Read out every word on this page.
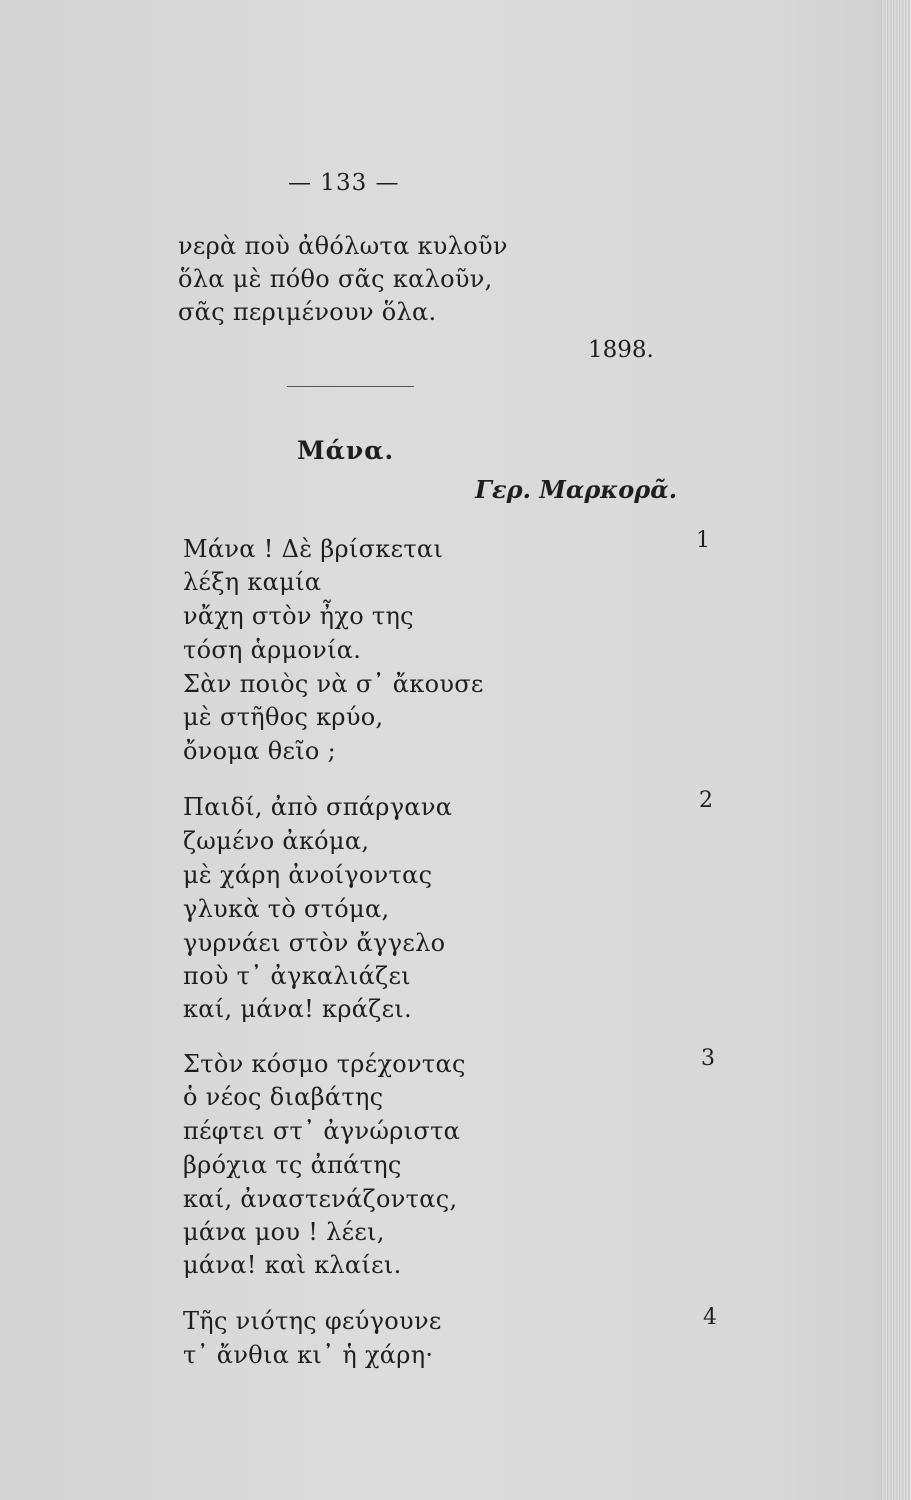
— 133 —
νερὰ ποὺ ἀθόλωτα κυλοῦν
ὅλα μὲ πόθο σᾶς καλοῦν,
σᾶς περιμένουν ὅλα.
1898.
Μάνα.
Γερ. Μαρκορᾶ.
1
Μάνα ! Δὲ βρίσκεται
λέξη καμία
νἄχη στὸν ἦχο της
τόση ἁρμονία.
Σὰν ποιὸς νὰ σ᾽ ἄκουσε
μὲ στῆθος κρύο,
ὄνομα θεῖο ;
2
Παιδί, ἀπὸ σπάργανα
ζωμένο ἀκόμα,
μὲ χάρη ἀνοίγοντας
γλυκὰ τὸ στόμα,
γυρνάει στὸν ἄγγελο
ποὺ τ᾽ ἀγκαλιάζει
καί, μάνα! κράζει.
3
Στὸν κόσμο τρέχοντας
ὁ νέος διαβάτης
πέφτει στ᾽ ἀγνώριστα
βρόχια τς ἀπάτης
καί, ἀναστενάζοντας,
μάνα μου ! λέει,
μάνα! καὶ κλαίει.
4
Τῆς νιότης φεύγουνε
τ᾽ ἄνθια κι᾽ ἡ χάρη·
